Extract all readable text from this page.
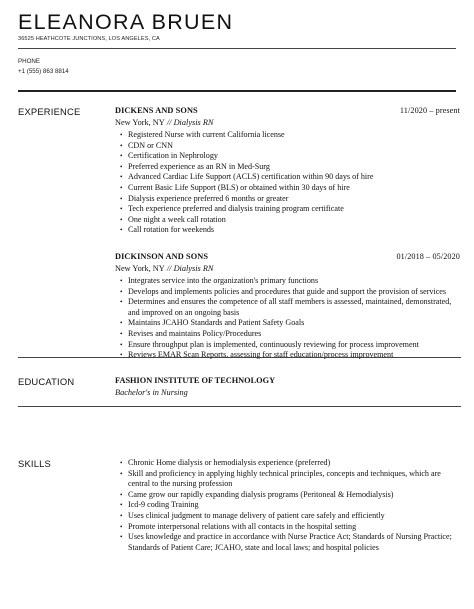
ELEANORA BRUEN
36525 HEATHCOTE JUNCTIONS, LOS ANGELES, CA
PHONE
+1 (555) 863 8814
EXPERIENCE	DICKENS AND SONS	11/2020 – present
New York, NY // Dialysis RN
• Registered Nurse with current California license
• CDN or CNN
• Certification in Nephrology
• Preferred experience as an RN in Med-Surg
• Advanced Cardiac Life Support (ACLS) certification within 90 days of hire
• Current Basic Life Support (BLS) or obtained within 30 days of hire
• Dialysis experience preferred 6 months or greater
• Tech experience preferred and dialysis training program certificate
• One night a week call rotation
• Call rotation for weekends
DICKINSON AND SONS	01/2018 – 05/2020
New York, NY // Dialysis RN
• Integrates service into the organization's primary functions
• Develops and implements policies and procedures that guide and support the provision of services
• Determines and ensures the competence of all staff members is assessed, maintained, demonstrated, and improved on an ongoing basis
• Maintains JCAHO Standards and Patient Safety Goals
• Revises and maintains Policy/Procedures
• Ensure throughput plan is implemented, continuously reviewing for process improvement
• Reviews EMAR Scan Reports, assessing for staff education/process improvement
EDUCATION	FASHION INSTITUTE OF TECHNOLOGY
Bachelor's in Nursing
SKILLS
•	Chronic Home dialysis or hemodialysis experience (preferred)
• Skill and proficiency in applying highly technical principles, concepts and techniques, which are central to the nursing profession
• Came grow our rapidly expanding dialysis programs (Peritoneal & Hemodialysis)
• Icd-9 coding Training
• Uses clinical judgment to manage delivery of patient care safely and efficiently
• Promote interpersonal relations with all contacts in the hospital setting
• Uses knowledge and practice in accordance with Nurse Practice Act; Standards of Nursing Practice; Standards of Patient Care; JCAHO, state and local laws; and hospital policies
